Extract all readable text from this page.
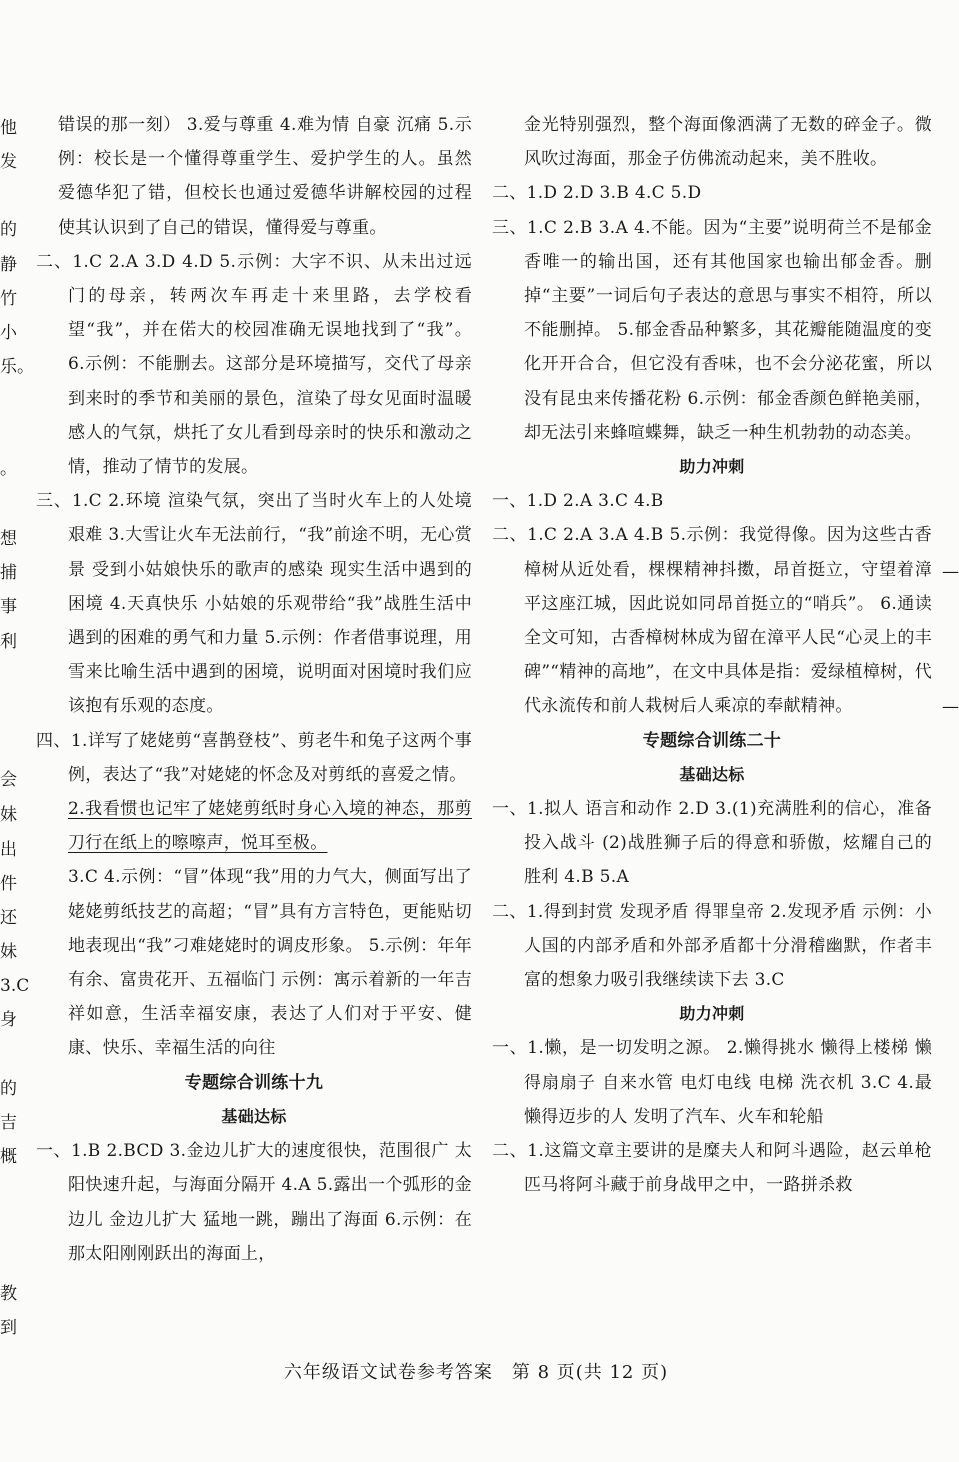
他
发
的
静
竹
小
乐。
。
想
捕
事
利
会
妹
出
件
还
妹
3.C
身
的
吉
概
教
到
—
—

错误的那一刻） 3.爱与尊重 4.难为情 自豪 沉痛 5.示例：校长是一个懂得尊重学生、爱护学生的人。虽然爱德华犯了错，但校长也通过爱德华讲解校园的过程使其认识到了自己的错误，懂得爱与尊重。

二、1.C 2.A 3.D 4.D 5.示例：大字不识、从未出过远门的母亲，转两次车再走十来里路，去学校看望“我”，并在偌大的校园准确无误地找到了“我”。 6.示例：不能删去。这部分是环境描写，交代了母亲到来时的季节和美丽的景色，渲染了母女见面时温暖感人的气氛，烘托了女儿看到母亲时的快乐和激动之情，推动了情节的发展。

三、1.C 2.环境 渲染气氛，突出了当时火车上的人处境艰难 3.大雪让火车无法前行，“我”前途不明，无心赏景 受到小姑娘快乐的歌声的感染 现实生活中遇到的困境 4.天真快乐 小姑娘的乐观带给“我”战胜生活中遇到的困难的勇气和力量 5.示例：作者借事说理，用雪来比喻生活中遇到的困境，说明面对困境时我们应该抱有乐观的态度。

四、1.详写了姥姥剪“喜鹊登枝”、剪老牛和兔子这两个事例，表达了“我”对姥姥的怀念及对剪纸的喜爱之情。

2.我看惯也记牢了姥姥剪纸时身心入境的神态，那剪刀行在纸上的嚓嚓声，悦耳至极。

3.C 4.示例：“冒”体现“我”用的力气大，侧面写出了姥姥剪纸技艺的高超；“冒”具有方言特色，更能贴切地表现出“我”刁难姥姥时的调皮形象。 5.示例：年年有余、富贵花开、五福临门 示例：寓示着新的一年吉祥如意，生活幸福安康，表达了人们对于平安、健康、快乐、幸福生活的向往

专题综合训练十九
基础达标

一、1.B 2.BCD 3.金边儿扩大的速度很快，范围很广 太阳快速升起，与海面分隔开 4.A 5.露出一个弧形的金边儿 金边儿扩大 猛地一跳，蹦出了海面 6.示例：在那太阳刚刚跃出的海面上，

金光特别强烈，整个海面像洒满了无数的碎金子。微风吹过海面，那金子仿佛流动起来，美不胜收。

二、1.D 2.D 3.B 4.C 5.D

三、1.C 2.B 3.A 4.不能。因为“主要”说明荷兰不是郁金香唯一的输出国，还有其他国家也输出郁金香。删掉“主要”一词后句子表达的意思与事实不相符，所以不能删掉。 5.郁金香品种繁多，其花瓣能随温度的变化开开合合，但它没有香味，也不会分泌花蜜，所以没有昆虫来传播花粉 6.示例：郁金香颜色鲜艳美丽，却无法引来蜂喧蝶舞，缺乏一种生机勃勃的动态美。

助力冲刺

一、1.D 2.A 3.C 4.B

二、1.C 2.A 3.A 4.B 5.示例：我觉得像。因为这些古香樟树从近处看，棵棵精神抖擞，昂首挺立，守望着漳平这座江城，因此说如同昂首挺立的“哨兵”。 6.通读全文可知，古香樟树林成为留在漳平人民“心灵上的丰碑”“精神的高地”，在文中具体是指：爱绿植樟树，代代永流传和前人栽树后人乘凉的奉献精神。

专题综合训练二十
基础达标

一、1.拟人 语言和动作 2.D 3.(1)充满胜利的信心，准备投入战斗 (2)战胜狮子后的得意和骄傲，炫耀自己的胜利 4.B 5.A

二、1.得到封赏 发现矛盾 得罪皇帝 2.发现矛盾 示例：小人国的内部矛盾和外部矛盾都十分滑稽幽默，作者丰富的想象力吸引我继续读下去 3.C

助力冲刺

一、1.懒，是一切发明之源。 2.懒得挑水 懒得上楼梯 懒得扇扇子 自来水管 电灯电线 电梯 洗衣机 3.C 4.最懒得迈步的人 发明了汽车、火车和轮船

二、1.这篇文章主要讲的是糜夫人和阿斗遇险，赵云单枪匹马将阿斗藏于前身战甲之中，一路拼杀救

六年级语文试卷参考答案　第 8 页(共 12 页)
